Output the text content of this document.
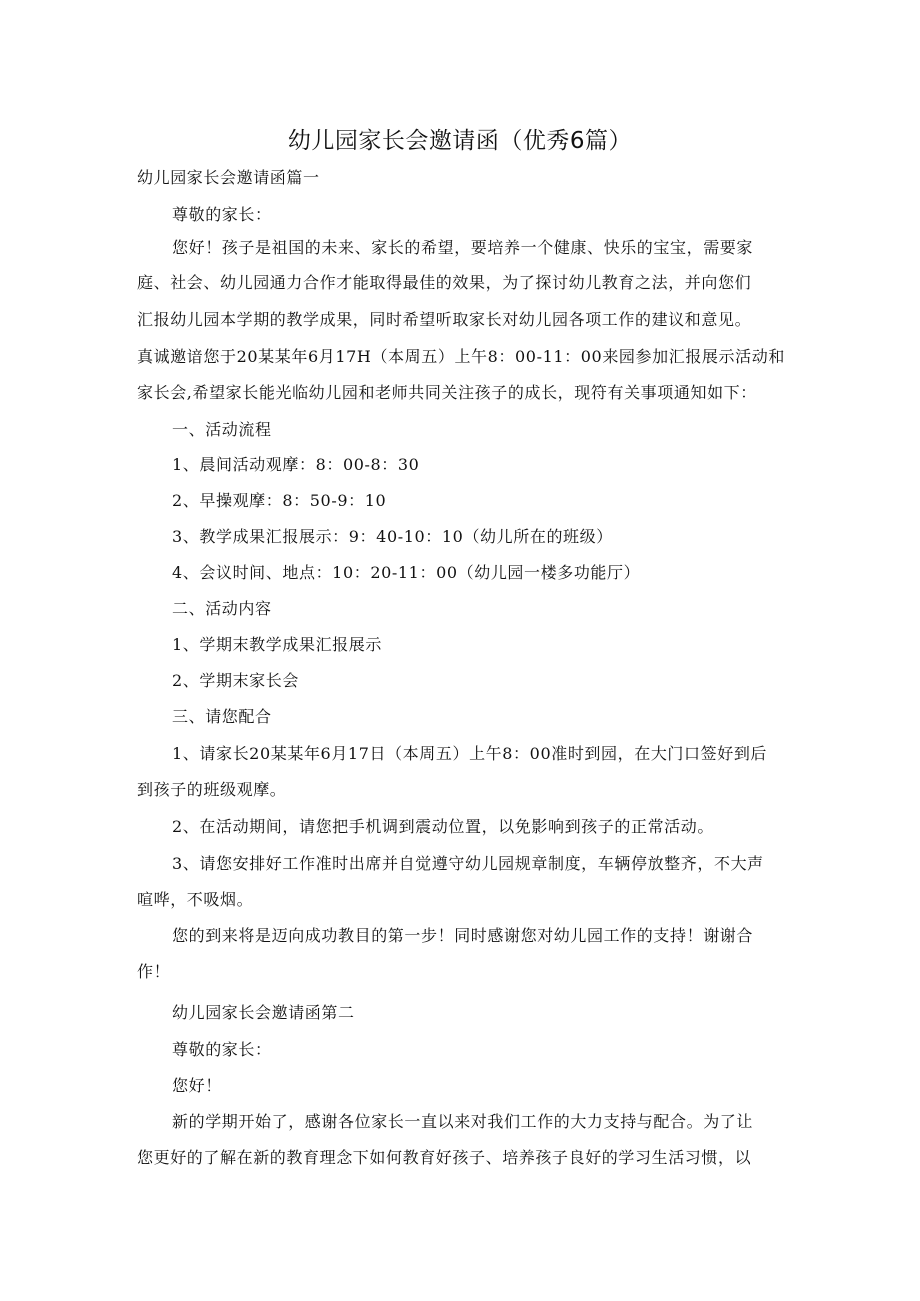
幼儿园家长会邀请函（优秀6篇）
幼儿园家长会邀请函篇一
尊敬的家长：
您好！孩子是祖国的未来、家长的希望，要培养一个健康、快乐的宝宝，需要家
庭、社会、幼儿园通力合作才能取得最佳的效果，为了探讨幼儿教育之法，并向您们
汇报幼儿园本学期的教学成果，同时希望听取家长对幼儿园各项工作的建议和意见。
真诚邀谙您于20某某年6月17H（本周五）上午8：00-11：00来园参加汇报展示活动和
家长会,希望家长能光临幼儿园和老师共同关注孩子的成长，现符有关事项通知如下：
一、活动流程
1、晨间活动观摩：8：00-8：30
2、早操观摩：8：50-9：10
3、教学成果汇报展示：9：40-10：10（幼儿所在的班级）
4、会议时间、地点：10：20-11：00（幼儿园一楼多功能厅）
二、活动内容
1、学期末教学成果汇报展示
2、学期末家长会
三、请您配合
1、请家长20某某年6月17日（本周五）上午8：00准时到园，在大门口签好到后
到孩子的班级观摩。
2、在活动期间，请您把手机调到震动位置，以免影响到孩子的正常活动。
3、请您安排好工作准时出席并自觉遵守幼儿园规章制度，车辆停放整齐，不大声
喧哗，不吸烟。
您的到来将是迈向成功教目的第一步！同时感谢您对幼儿园工作的支持！谢谢合
作！
幼儿园家长会邀请函第二
尊敬的家长：
您好！
新的学期开始了，感谢各位家长一直以来对我们工作的大力支持与配合。为了让
您更好的了解在新的教育理念下如何教育好孩子、培养孩子良好的学习生活习惯，以
